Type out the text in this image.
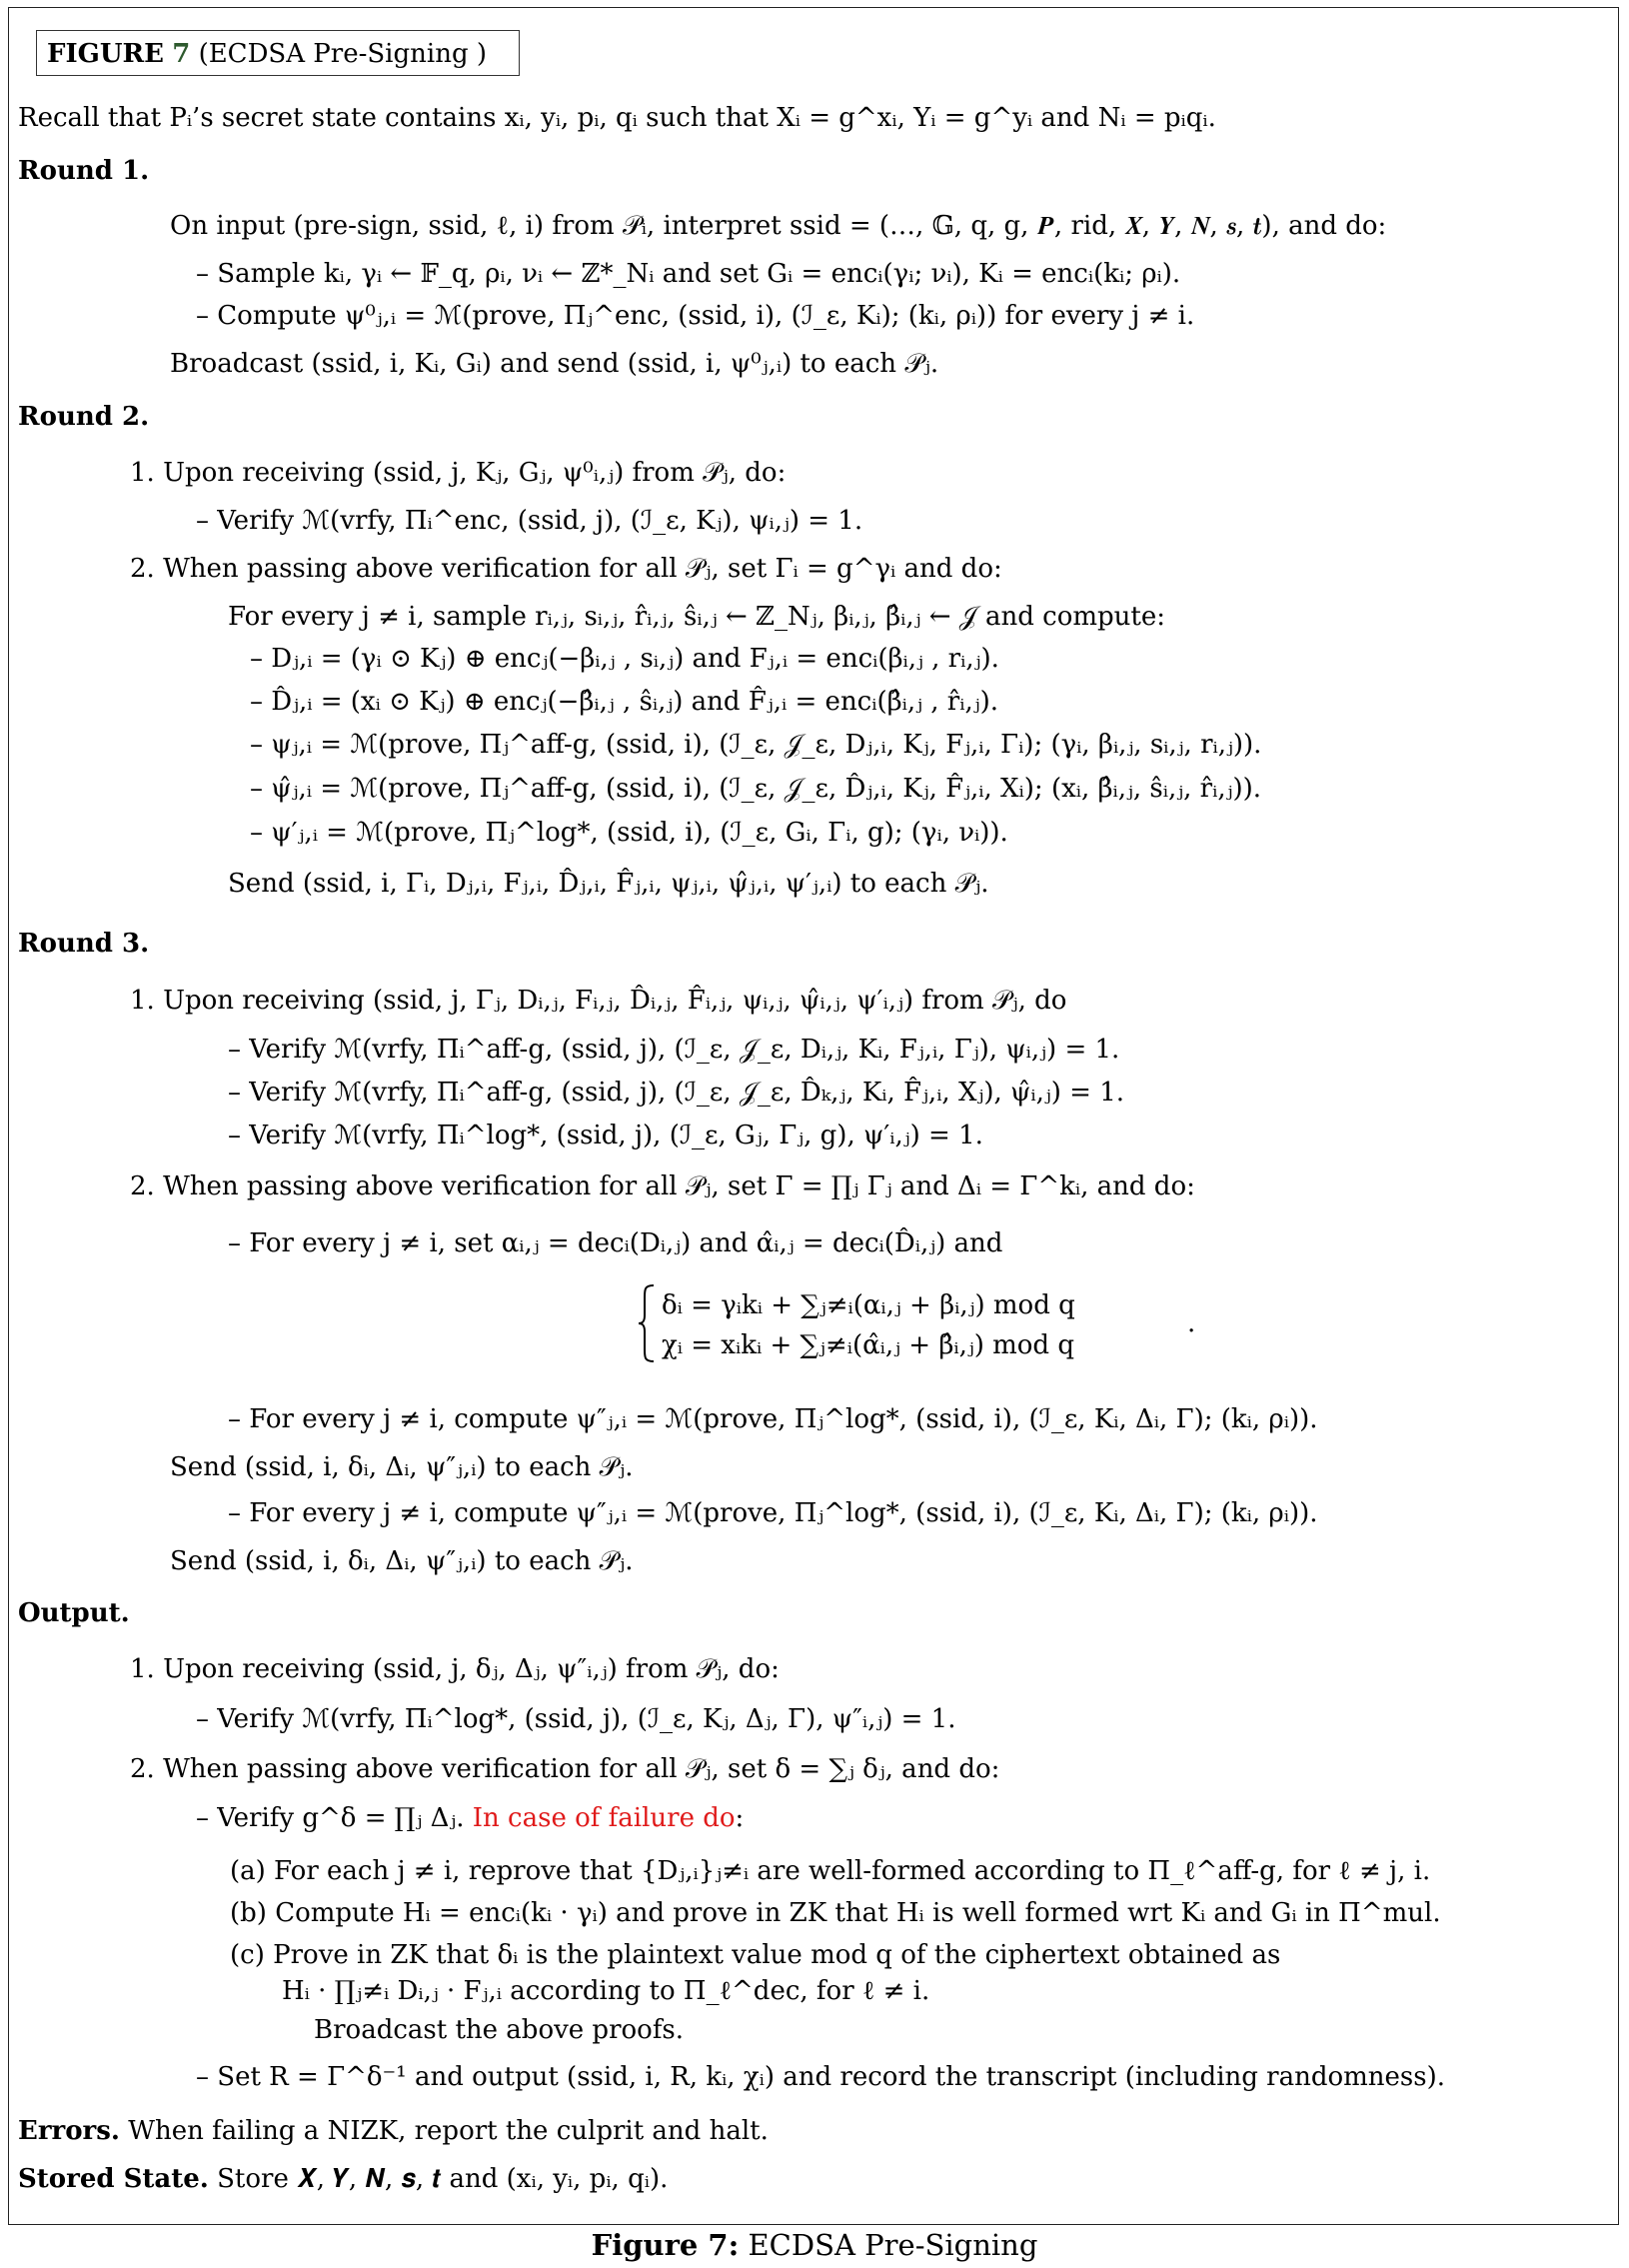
FIGURE 7 (ECDSA Pre-Signing )
Recall that Pᵢ’s secret state contains xᵢ, yᵢ, pᵢ, qᵢ such that Xᵢ = g^xᵢ, Yᵢ = g^yᵢ and Nᵢ = pᵢqᵢ.
Round 1.
On input (pre-sign, ssid, ℓ, i) from 𝒫ᵢ, interpret ssid = (…, 𝔾, q, g, 𝑷, rid, 𝑿, 𝒀, 𝑵, 𝒔, 𝒕), and do:
– Sample kᵢ, γᵢ ← 𝔽_q, ρᵢ, νᵢ ← ℤ*_Nᵢ and set Gᵢ = encᵢ(γᵢ; νᵢ), Kᵢ = encᵢ(kᵢ; ρᵢ).
– Compute ψ⁰ⱼ,ᵢ = ℳ(prove, Πⱼ^enc, (ssid, i), (ℐ_ε, Kᵢ); (kᵢ, ρᵢ)) for every j ≠ i.
Broadcast (ssid, i, Kᵢ, Gᵢ) and send (ssid, i, ψ⁰ⱼ,ᵢ) to each 𝒫ⱼ.
Round 2.
1. Upon receiving (ssid, j, Kⱼ, Gⱼ, ψ⁰ᵢ,ⱼ) from 𝒫ⱼ, do:
– Verify ℳ(vrfy, Πᵢ^enc, (ssid, j), (ℐ_ε, Kⱼ), ψᵢ,ⱼ) = 1.
2. When passing above verification for all 𝒫ⱼ, set Γᵢ = g^γᵢ and do:
For every j ≠ i, sample rᵢ,ⱼ, sᵢ,ⱼ, r̂ᵢ,ⱼ, ŝᵢ,ⱼ ← ℤ_Nⱼ, βᵢ,ⱼ, β̂ᵢ,ⱼ ← 𝒥 and compute:
– Dⱼ,ᵢ = (γᵢ ⊙ Kⱼ) ⊕ encⱼ(−βᵢ,ⱼ , sᵢ,ⱼ) and Fⱼ,ᵢ = encᵢ(βᵢ,ⱼ , rᵢ,ⱼ).
– D̂ⱼ,ᵢ = (xᵢ ⊙ Kⱼ) ⊕ encⱼ(−β̂ᵢ,ⱼ , ŝᵢ,ⱼ) and F̂ⱼ,ᵢ = encᵢ(β̂ᵢ,ⱼ , r̂ᵢ,ⱼ).
– ψⱼ,ᵢ = ℳ(prove, Πⱼ^aff-g, (ssid, i), (ℐ_ε, 𝒥_ε, Dⱼ,ᵢ, Kⱼ, Fⱼ,ᵢ, Γᵢ); (γᵢ, βᵢ,ⱼ, sᵢ,ⱼ, rᵢ,ⱼ)).
– ψ̂ⱼ,ᵢ = ℳ(prove, Πⱼ^aff-g, (ssid, i), (ℐ_ε, 𝒥_ε, D̂ⱼ,ᵢ, Kⱼ, F̂ⱼ,ᵢ, Xᵢ); (xᵢ, β̂ᵢ,ⱼ, ŝᵢ,ⱼ, r̂ᵢ,ⱼ)).
– ψ′ⱼ,ᵢ = ℳ(prove, Πⱼ^log*, (ssid, i), (ℐ_ε, Gᵢ, Γᵢ, g); (γᵢ, νᵢ)).
Send (ssid, i, Γᵢ, Dⱼ,ᵢ, Fⱼ,ᵢ, D̂ⱼ,ᵢ, F̂ⱼ,ᵢ, ψⱼ,ᵢ, ψ̂ⱼ,ᵢ, ψ′ⱼ,ᵢ) to each 𝒫ⱼ.
Round 3.
1. Upon receiving (ssid, j, Γⱼ, Dᵢ,ⱼ, Fᵢ,ⱼ, D̂ᵢ,ⱼ, F̂ᵢ,ⱼ, ψᵢ,ⱼ, ψ̂ᵢ,ⱼ, ψ′ᵢ,ⱼ) from 𝒫ⱼ, do
– Verify ℳ(vrfy, Πᵢ^aff-g, (ssid, j), (ℐ_ε, 𝒥_ε, Dᵢ,ⱼ, Kᵢ, Fⱼ,ᵢ, Γⱼ), ψᵢ,ⱼ) = 1.
– Verify ℳ(vrfy, Πᵢ^aff-g, (ssid, j), (ℐ_ε, 𝒥_ε, D̂ₖ,ⱼ, Kᵢ, F̂ⱼ,ᵢ, Xⱼ), ψ̂ᵢ,ⱼ) = 1.
– Verify ℳ(vrfy, Πᵢ^log*, (ssid, j), (ℐ_ε, Gⱼ, Γⱼ, g), ψ′ᵢ,ⱼ) = 1.
2. When passing above verification for all 𝒫ⱼ, set Γ = ∏ⱼ Γⱼ and Δᵢ = Γ^kᵢ, and do:
– For every j ≠ i, set αᵢ,ⱼ = decᵢ(Dᵢ,ⱼ) and α̂ᵢ,ⱼ = decᵢ(D̂ᵢ,ⱼ) and
δᵢ = γᵢkᵢ + ∑ⱼ≠ᵢ(αᵢ,ⱼ + βᵢ,ⱼ) mod q
χᵢ = xᵢkᵢ + ∑ⱼ≠ᵢ(α̂ᵢ,ⱼ + β̂ᵢ,ⱼ) mod q
.
– For every j ≠ i, compute ψ″ⱼ,ᵢ = ℳ(prove, Πⱼ^log*, (ssid, i), (ℐ_ε, Kᵢ, Δᵢ, Γ); (kᵢ, ρᵢ)).
Send (ssid, i, δᵢ, Δᵢ, ψ″ⱼ,ᵢ) to each 𝒫ⱼ.
– For every j ≠ i, compute ψ″ⱼ,ᵢ = ℳ(prove, Πⱼ^log*, (ssid, i), (ℐ_ε, Kᵢ, Δᵢ, Γ); (kᵢ, ρᵢ)).
Send (ssid, i, δᵢ, Δᵢ, ψ″ⱼ,ᵢ) to each 𝒫ⱼ.
Output.
1. Upon receiving (ssid, j, δⱼ, Δⱼ, ψ″ᵢ,ⱼ) from 𝒫ⱼ, do:
– Verify ℳ(vrfy, Πᵢ^log*, (ssid, j), (ℐ_ε, Kⱼ, Δⱼ, Γ), ψ″ᵢ,ⱼ) = 1.
2. When passing above verification for all 𝒫ⱼ, set δ = ∑ⱼ δⱼ, and do:
– Verify g^δ = ∏ⱼ Δⱼ. In case of failure do:
(a) For each j ≠ i, reprove that {Dⱼ,ᵢ}ⱼ≠ᵢ are well-formed according to Π_ℓ^aff-g, for ℓ ≠ j, i.
(b) Compute Hᵢ = encᵢ(kᵢ · γᵢ) and prove in ZK that Hᵢ is well formed wrt Kᵢ and Gᵢ in Π^mul.
(c) Prove in ZK that δᵢ is the plaintext value mod q of the ciphertext obtained as
Hᵢ · ∏ⱼ≠ᵢ Dᵢ,ⱼ · Fⱼ,ᵢ according to Π_ℓ^dec, for ℓ ≠ i.
Broadcast the above proofs.
– Set R = Γ^δ⁻¹ and output (ssid, i, R, kᵢ, χᵢ) and record the transcript (including randomness).
Errors. When failing a NIZK, report the culprit and halt.
Stored State. Store 𝑿, 𝒀, 𝑵, 𝒔, 𝒕 and (xᵢ, yᵢ, pᵢ, qᵢ).
Figure 7: ECDSA Pre-Signing
